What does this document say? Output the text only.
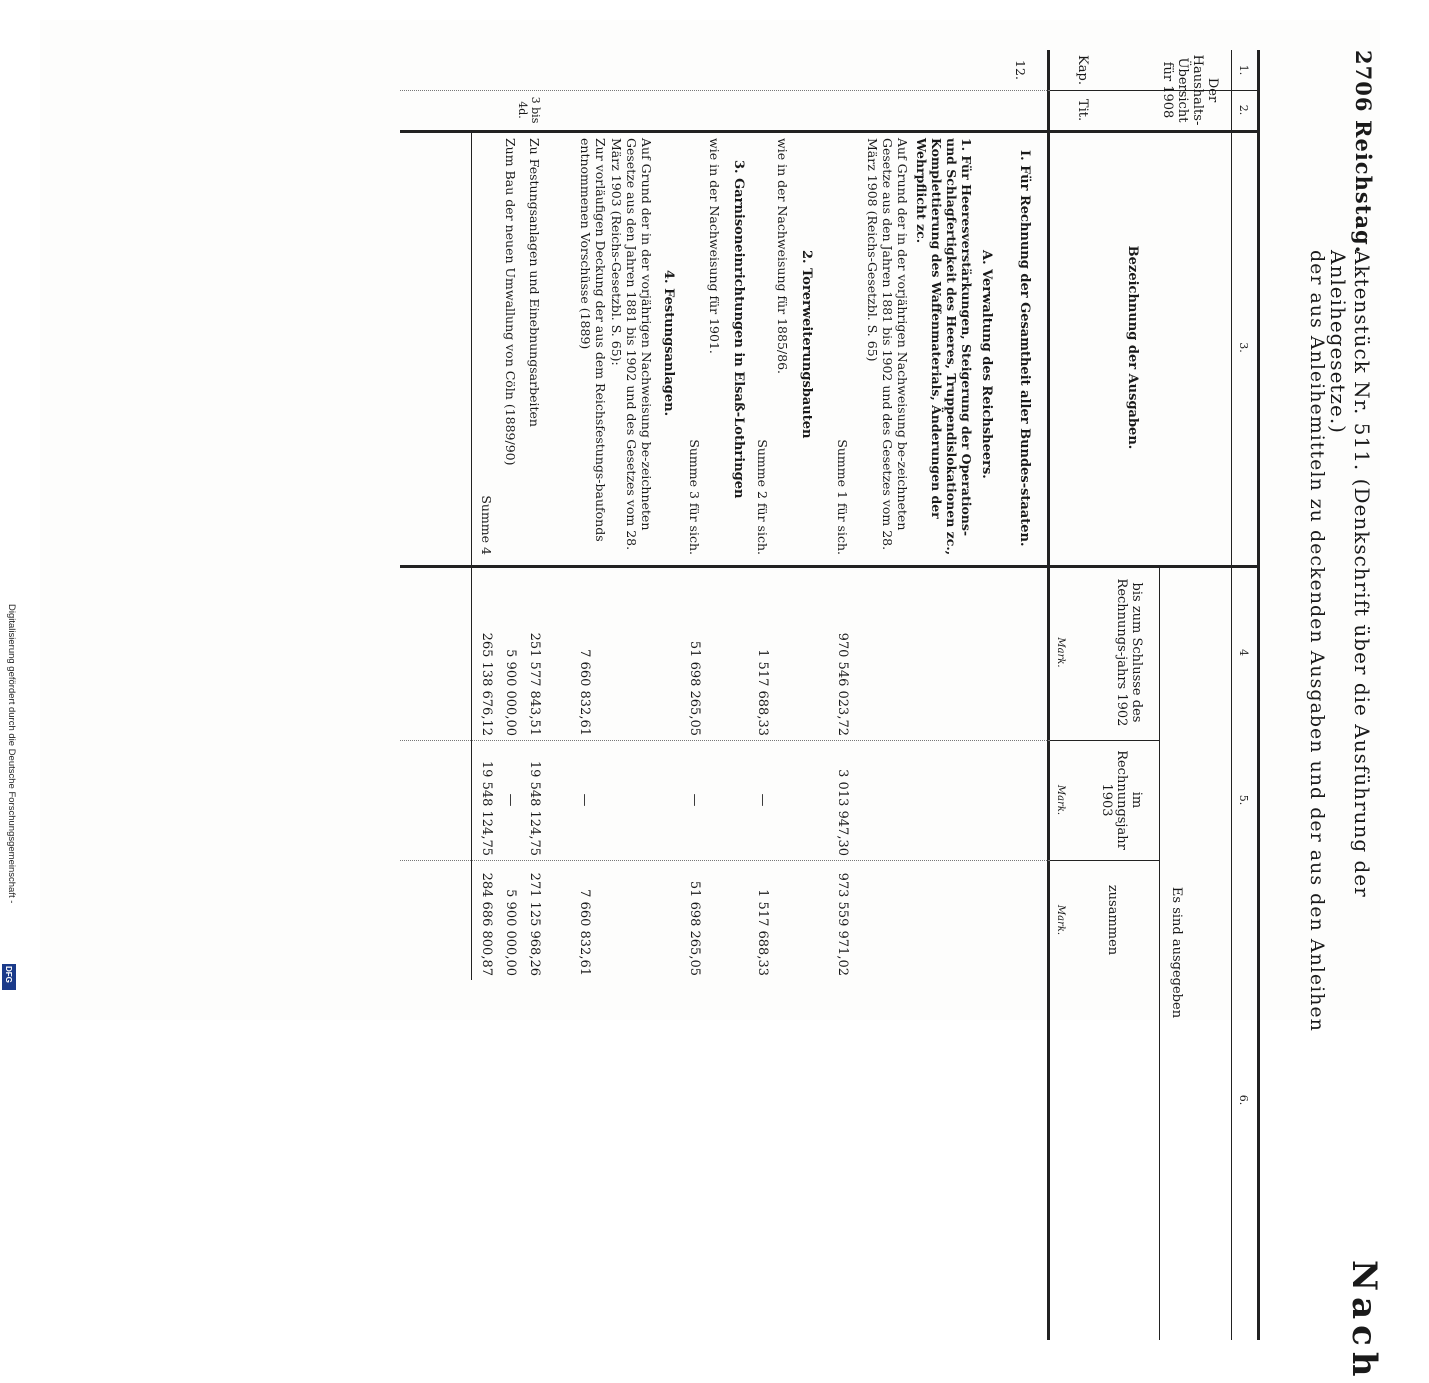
Digitalisierung gefördert durch die Deutsche Forschungsgemeinschaft -
DFG
2706
Reichstag.
Aktenstück Nr. 511. (Denkschrift über die Ausführung der Anleihegesetze.)
Nach
der aus Anleihemitteln zu deckenden Ausgaben und der aus den Anleihen
1.
2.
3.
4
5.
6.
Der Haushalts-Übersicht für 1908
Kap.
Tit.
Bezeichnung der Ausgaben.
Es sind ausgegeben
bis zum Schlusse des Rechnungs-jahrs 1902
im Rechnungsjahr 1903
zusammen
Mark.
Mark.
Mark.
12.
I. Für Rechnung der Gesamtheit aller Bundes-staaten.
A. Verwaltung des Reichsheers.
1. Für Heeresverstärkungen, Steigerung der Operations- und Schlagfertigkeit des Heeres, Truppendislokationen zc., Komplettierung des Waffenmaterials, Änderungen der Wehrpflicht zc.
Auf Grund der in der vorjährigen Nachweisung be-zeichneten Gesetze aus den Jahren 1881 bis 1902 und des Gesetzes vom 28. März 1908 (Reichs-Gesetzbl. S. 65)
Summe 1 für sich.
970 546 023,72
3 013 947,30
973 559 971,02
2. Torerweiterungsbauten
wie in der Nachweisung für 1885/86.
Summe 2 für sich.
1 517 688,33
—
1 517 688,33
3. Garnisoneinrichtungen in Elsaß-Lothringen
wie in der Nachweisung für 1901.
Summe 3 für sich.
51 698 265,05
—
51 698 265,05
4. Festungsanlagen.
Auf Grund der in der vorjährigen Nachweisung be-zeichneten Gesetze aus den Jahren 1881 bis 1902 und des Gesetzes vom 28. März 1903 (Reichs-Gesetzbl. S. 65):
Zur vorläufigen Deckung der aus dem Reichsfestungs-baufonds entnommenen Vorschüsse (1889)
7 660 832,61
—
7 660 832,61
3 bis 4d.
Zu Festungsanlagen und Einebnungsarbeiten
251 577 843,51
19 548 124,75
271 125 968,26
Zum Bau der neuen Umwallung von Cöln (1889/90)
5 900 000,00
—
5 900 000,00
Summe 4
265 138 676,12
19 548 124,75
284 686 800,87
